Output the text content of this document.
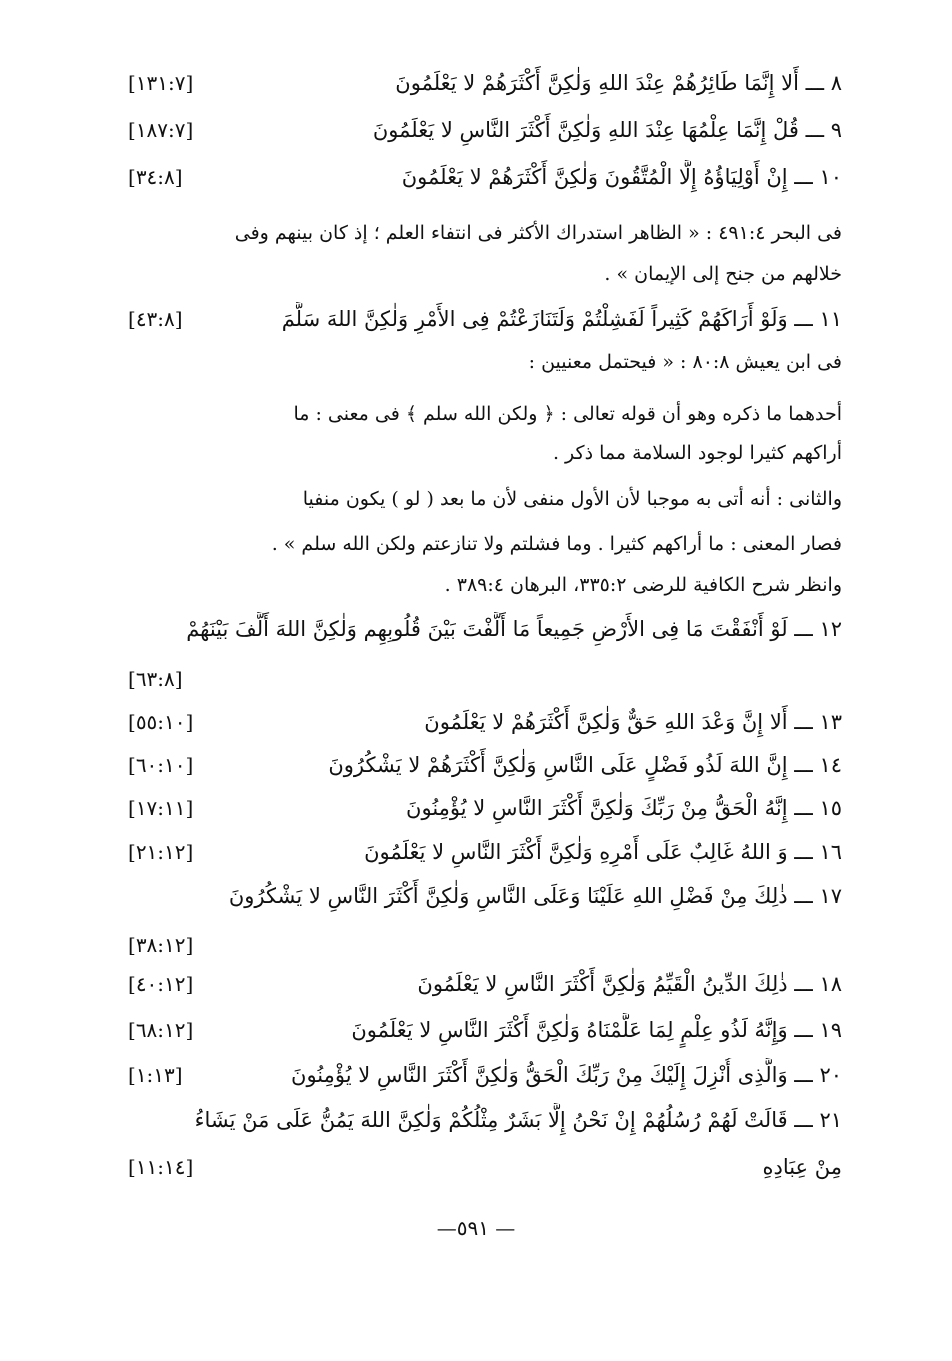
٨ ـــ أَلا إِنَّمَا طَائِرُهُمْ عِنْدَ اللهِ وَلٰكِنَّ أَكْثَرَهُمْ لا يَعْلَمُونَ
[١٣١:٧]
٩ ـــ قُلْ إِنَّمَا عِلْمُهَا عِنْدَ اللهِ وَلٰكِنَّ أَكْثَرَ النَّاسِ لا يَعْلَمُونَ
[١٨٧:٧]
١٠ ـــ إِنْ أَوْلِيَاؤُهُ إِلَّا الْمُتَّقُونَ وَلٰكِنَّ أَكْثَرَهُمْ لا يَعْلَمُونَ
[٣٤:٨]
فى البحر ٤٩١:٤ : « الظاهر استدراك الأكثر فى انتفاء العلم ؛ إذ كان بينهم وفى
خلالهم من جنح إلى الإيمان » .
١١ ـــ وَلَوْ أَرَاكَهُمْ كَثِيراً لَفَشِلْتُمْ وَلَتَنَازَعْتُمْ فِى الأَمْرِ وَلٰكِنَّ اللهَ سَلَّمَ
[٤٣:٨]
فى ابن يعيش ٨٠:٨ : « فيحتمل معنيين :
أحدهما ما ذكره وهو أن قوله تعالى : ﴿ ولكن الله سلم ﴾ فى معنى : ما
أراكهم كثيرا لوجود السلامة مما ذكر .
والثانى : أنه أتى به موجبا لأن الأول منفى لأن ما بعد ( لو ) يكون منفيا
فصار المعنى : ما أراكهم كثيرا . وما فشلتم ولا تنازعتم ولكن الله سلم » .
وانظر شرح الكافية للرضى ٣٣٥:٢، البرهان ٣٨٩:٤ .
١٢ ـــ لَوْ أَنْفَقْتَ مَا فِى الأَرْضِ جَمِيعاً مَا أَلَّفْتَ بَيْنَ قُلُوبِهِم وَلٰكِنَّ اللهَ أَلَّفَ بَيْنَهُمْ
[٦٣:٨]
١٣ ـــ أَلا إِنَّ وَعْدَ اللهِ حَقٌّ وَلٰكِنَّ أَكْثَرَهُمْ لا يَعْلَمُونَ
[٥٥:١٠]
١٤ ـــ إِنَّ اللهَ لَذُو فَضْلٍ عَلَى النَّاسِ وَلٰكِنَّ أَكْثَرَهُمْ لا يَشْكُرُونَ
[٦٠:١٠]
١٥ ـــ إِنَّهُ الْحَقُّ مِنْ رَبِّكَ وَلٰكِنَّ أَكْثَرَ النَّاسِ لا يُؤْمِنُونَ
[١٧:١١]
١٦ ـــ وَ اللهُ غَالِبٌ عَلَى أَمْرِهِ وَلٰكِنَّ أَكْثَرَ النَّاسِ لا يَعْلَمُونَ
[٢١:١٢]
١٧ ـــ ذٰلِكَ مِنْ فَضْلِ اللهِ عَلَيْنَا وَعَلَى النَّاسِ وَلٰكِنَّ أَكْثَرَ النَّاسِ لا يَشْكُرُونَ
[٣٨:١٢]
١٨ ـــ ذٰلِكَ الدِّينُ الْقَيِّمُ وَلٰكِنَّ أَكْثَرَ النَّاسِ لا يَعْلَمُونَ
[٤٠:١٢]
١٩ ـــ وَإِنَّهُ لَذُو عِلْمٍ لِمَا عَلَّمْنَاهُ وَلٰكِنَّ أَكْثَرَ النَّاسِ لا يَعْلَمُونَ
[٦٨:١٢]
٢٠ ـــ وَالَّذِى أُنْزِلَ إِلَيْكَ مِنْ رَبِّكَ الْحَقُّ وَلٰكِنَّ أَكْثَرَ النَّاسِ لا يُؤْمِنُونَ
[١:١٣]
٢١ ـــ قَالَتْ لَهُمْ رُسُلُهُمْ إِنْ نَحْنُ إِلَّا بَشَرٌ مِثْلُكُمْ وَلٰكِنَّ اللهَ يَمُنُّ عَلَى مَنْ يَشَاءُ
مِنْ عِبَادِهِ
[١١:١٤]
— ٥٩١—
